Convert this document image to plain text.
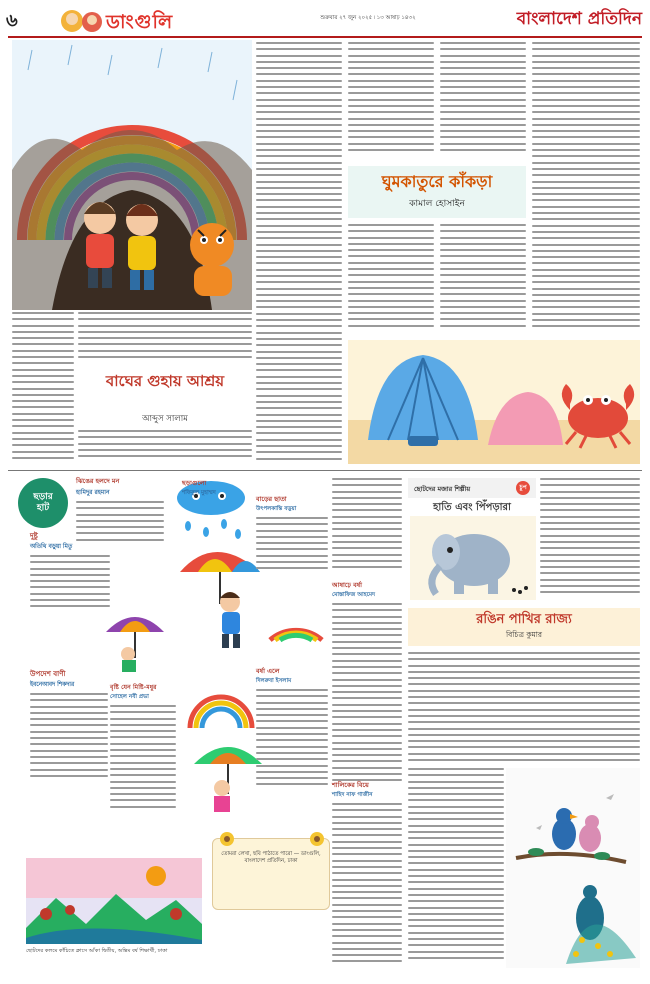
৬	ডাংগুলি	শুক্রবার ২৭ জুন ২০২৫ ৷ ১৩ আষাঢ় ১৪৩২	বাংলাদেশ প্রতিদিন
বাঘের গুহায় আশ্রয়
আব্দুস সালাম
ঘুমকাতুরে কাঁকড়া
কামাল হোসাইন
ছড়ার হাট
ঝিঙের হলদে মন
হামিদুর রহমান
দুষ্টু
অতিথি বড়ুয়া মিতু
উপদেশ বাণী
ইবনেআবদ শিকদার	বৃষ্টি যেন মিষ্টি-মধুর
সোহেল নবী প্রভা
ছড়াগুলো
শফিকুল মুহাম্মদ
বাড়ের ছাতা
উৎপলকান্তি বড়ুয়া
বর্ষা এলে
দিলরুবা ইসলাম
আষাঢ়ে বর্ষা
মোস্তাফিজ আহমেদ
শালিকের বিয়ে
শাহিদ নাফ গাজীন
তোমরা লেখা, ছবি পাঠাতে পারো — ডাংগুলি, বাংলাদেশ প্রতিদিন, ঢাকা
ছোটদের কলমে কাঁচিতে ক্লাসে আঁকা দ্বিতীয়, অন্তিম বর্ষ শিক্ষার্থী, ঢাকা
ছোটদের মজার শিল্পীয়	চুপ
হাতি এবং পিঁপড়ারা
রঙিন পাখির রাজ্য
বিচিত্র কুমার
